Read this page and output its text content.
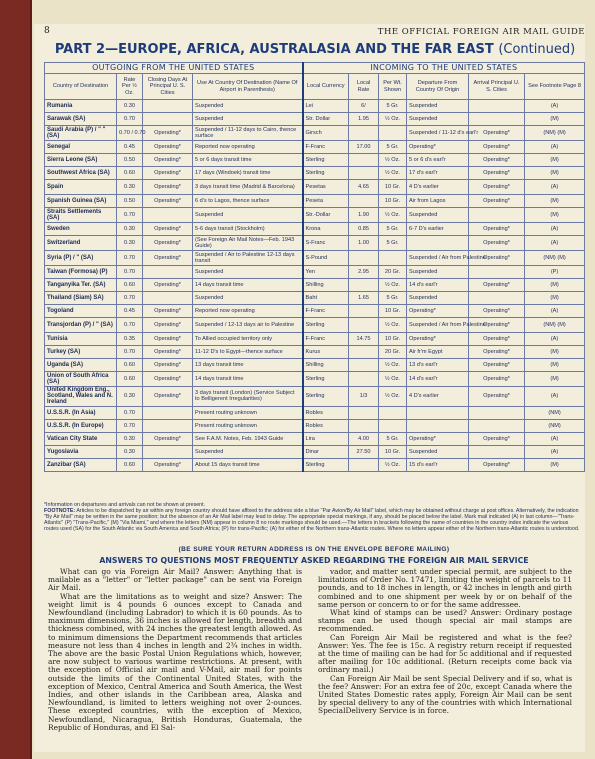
8	THE OFFICIAL FOREIGN AIR MAIL GUIDE
PART 2—EUROPE, AFRICA, AUSTRALASIA AND THE FAR EAST (Continued)
OUTGOING FROM THE UNITED STATES				INCOMING TO THE UNITED STATES					
Country of Destination	Rate Per ½ Oz.	Closing Days At Principal U. S. Cities	Use At Country Of Destination (Name Of Airport in Parenthesis)	Local Currency	Local Rate	Per Wt. Shown	Departure From Country Of Origin	Arrival Principal U. S. Cities	See Footnote Page 8
Rumania	0.30		Suspended	Lei	6/	5 Gr.	Suspended		(A)
Sarawak (SA)	0.70		Suspended	Str. Dollar	1.95	½ Oz.	Suspended		(M)
Saudi Arabia (P) / " " (SA)	0.70 / 0.70	Operating*	Suspended / 11-12 days to Cairo, thence surface	Girsch			Suspended / 11-12 d's earl'r	Operating*	(NM) (M)
Senegal	0.45	Operating*	Reported now operating	F-Franc	17.00	5 Gr.	Operating*	Operating*	(A)
Sierra Leone (SA)	0.50	Operating*	5 or 6 days transit time	Sterling		½ Oz.	5 or 6 d's earl'r	Operating*	(M)
Southwest Africa (SA)	0.60	Operating*	17 days (Windoek) transit time	Sterling		½ Oz.	17 d's earl'r	Operating*	(M)
Spain	0.30	Operating*	3 days transit time (Madrid & Barcelona)	Pesetas	4.65	10 Gr.	4 D's earlier	Operating*	(A)
Spanish Guinea (SA)	0.50	Operating*	6 d's to Lagos, thence surface	Peseta		10 Gr.	Air from Lagos	Operating*	(M)
Straits Settlements (SA)	0.70		Suspended	Str.-Dollar	1.90	½ Oz.	Suspended		(M)
Sweden	0.30	Operating*	5-6 days transit (Stockholm)	Krona	0.85	5 Gr.	6-7 D's earlier	Operating*	(A)
Switzerland	0.30	Operating*	(See Foreign Air Mail Notes—Feb. 1943 Guide)	S-Franc	1.00	5 Gr.		Operating*	(A)
Syria (P) / " (SA)	0.70	Operating*	Suspended / Air to Palestine 12-13 days transit	S-Pound			Suspended / Air from Palestine	Operating*	(NM) (M)
Taiwan (Formosa) (P)	0.70		Suspended	Yen	2.95	20 Gr.	Suspended		(P)
Tanganyika Ter. (SA)	0.60	Operating*	14 days transit time	Shilling		½ Oz.	14 d's earl'r	Operating*	(M)
Thailand (Siam) SA)	0.70		Suspended	Baht	1.65	5 Gr.	Suspended		(M)
Togoland	0.45	Operating*	Reported now operating	F-Franc		10 Gr.	Operating*	Operating*	(A)
Transjordan (P) / " (SA)	0.70	Operating*	Suspended / 12-13 days air to Palestine	Sterling		½ Oz.	Suspended / Air from Palestine	Operating*	(NM) (M)
Tunisia	0.35	Operating*	To Allied occupied territory only	F-Franc	14.75	10 Gr.	Operating*	Operating*	(A)
Turkey (SA)	0.70	Operating*	11-12 D's to Egypt—thence surface	Kurus		20 Gr.	Air fr'm Egypt	Operating*	(M)
Uganda (SA)	0.60	Operating*	13 days transit time	Shilling		½ Oz.	13 d's earl'r	Operating*	(M)
Union of South Africa (SA)	0.60	Operating*	14 days transit time	Sterling		½ Oz.	14 d's earl'r	Operating*	(M)
United Kingdom Eng., Scotland, Wales and N. Ireland	0.30	Operating*	3 days transit (London) (Service Subject to Belligerent Irregularities)	Sterling	1/3	½ Oz.	4 D's earlier	Operating*	(A)
U.S.S.R. (In Asia)	0.70		Present routing unknown	Robles					(NM)
U.S.S.R. (In Europe)	0.70		Present routing unknown	Robles					(NM)
Vatican City State	0.30	Operating*	See F.A.M. Notes, Feb. 1943 Guide	Lira	4.00	5 Gr.	Operating*	Operating*	(A)
Yugoslavia	0.30		Suspended	Dinar	27.50	10 Gr.	Suspended		(A)
Zanzibar (SA)	0.60	Operating*	About 15 days transit time	Sterling		½ Oz.	15 d's earl'r	Operating*	(M)
*Information on departures and arrivals can not be shown at present.
FOOTNOTE: Articles to be dispatched by air within any foreign country should have affixed to the address side a blue "Par Avion/By Air Mail" label, which may be obtained without charge at post offices. Alternatively, the indication "By Air Mail" may be written in the same position; but the absence of an Air Mail label may lead to delay. The appropriate special markings, if any, should be placed below the label. Mark mail indicated (A) in last column—"Trans-Atlantic" (P) "Trans-Pacific," (M) "Via Miami," and where the letters (NM) appear in column 8 no route markings should be used.—The letters in brackets following the name of countries in the country index indicate the various routes used (SA) for the South Atlantic via South America and South Africa; (P) for trans-Pacific; (A) for either of the Northern trans-Atlantic routes. Where no letters appear either of the Northern trans-Atlantic routes is understood.
(BE SURE YOUR RETURN ADDRESS IS ON THE ENVELOPE BEFORE MAILING)
ANSWERS TO QUESTIONS MOST FREQUENTLY ASKED REGARDING THE FOREIGN AIR MAIL SERVICE
What can go via Foreign Air Mail? Answer: Anything that is mailable as a "letter" or "letter package" can be sent via Foreign Air Mail.
What are the limitations as to weight and size? Answer: The weight limit is 4 pounds 6 ounces except to Canada and Newfoundland (including Labrador) to which it is 60 pounds. As to maximum dimensions, 36 inches is allowed for length, breadth and thickness combined, with 24 inches the greatest length allowed. As to minimum dimensions the Department recommends that articles measure not less than 4 inches in length and 2¾ inches in width. The above are the basic Postal Union Regulations which, however, are now subject to various wartime restrictions. At present, with the exception of Official air mail and V-Mail, air mail for points outside the limits of the Continental United States, with the exception of Mexico, Central America and South America, the West Indies, and other islands in the Caribbean area, Alaska and Newfoundland, is limited to letters weighing not over 2-ounces. These excepted countries, with the exception of Mexico, Newfoundland, Nicaragua, British Honduras, Guatemala, the Republic of Honduras, and El Sal-
vador, and matter sent under special permit, are subject to the limitations of Order No. 17471, limiting the weight of parcels to 11 pounds, and to 18 inches in length, or 42 inches in length and girth combined and to one shipment per week by or on behalf of the same person or concern to or for the same addressee.
What kind of stamps can be used? Answer: Ordinary postage stamps can be used though special air mail stamps are recommended.
Can Foreign Air Mail be registered and what is the fee? Answer: Yes. The fee is 15c. A registry return receipt if requested at the time of mailing can be had for 5c additional and if requested after mailing for 10c additional. (Return receipts come back via ordinary mail.)
Can Foreign Air Mail be sent Special Delivery and if so, what is the fee? Answer: For an extra fee of 20c, except Canada where the United States Domestic rates apply, Foreign Air Mail can be sent by special delivery to any of the countries with which International SpecialDelivery Service is in force.
